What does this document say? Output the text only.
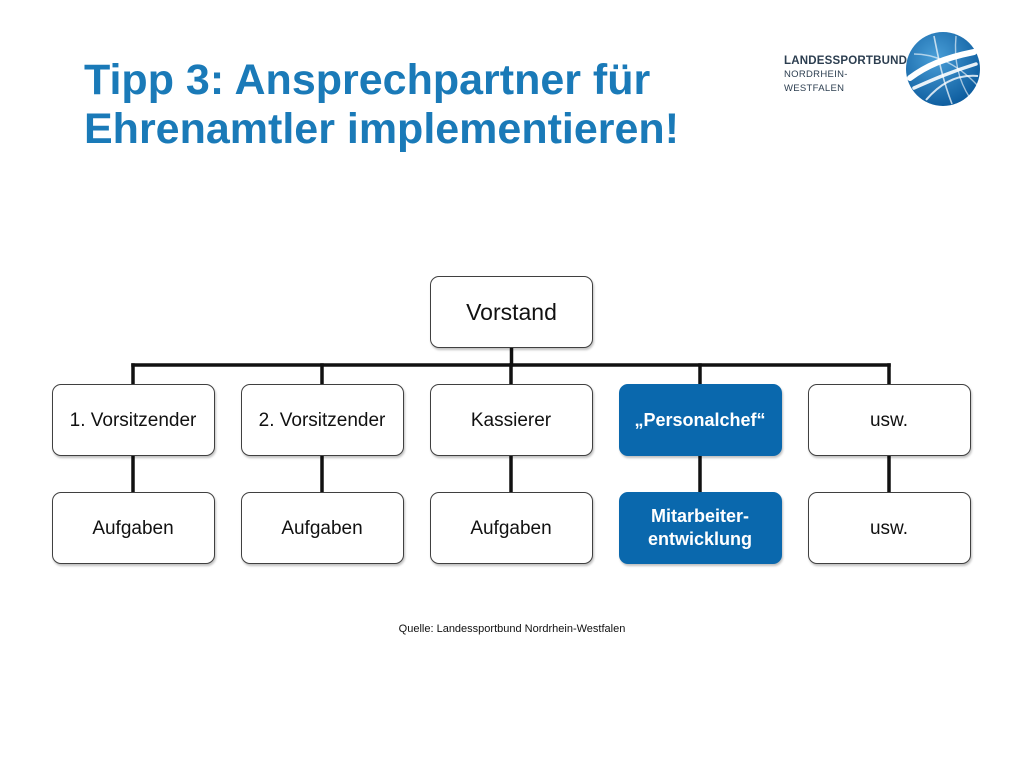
Tipp 3: Ansprechpartner für
Ehrenamtler implementieren!
LANDESSPORTBUND
NORDRHEIN-WESTFALEN
Vorstand
1. Vorsitzender
Aufgaben
2. Vorsitzender
Aufgaben
Kassierer
Aufgaben
„Personalchef“
Mitarbeiter-
entwicklung
usw.
usw.
Quelle: Landessportbund Nordrhein-Westfalen
